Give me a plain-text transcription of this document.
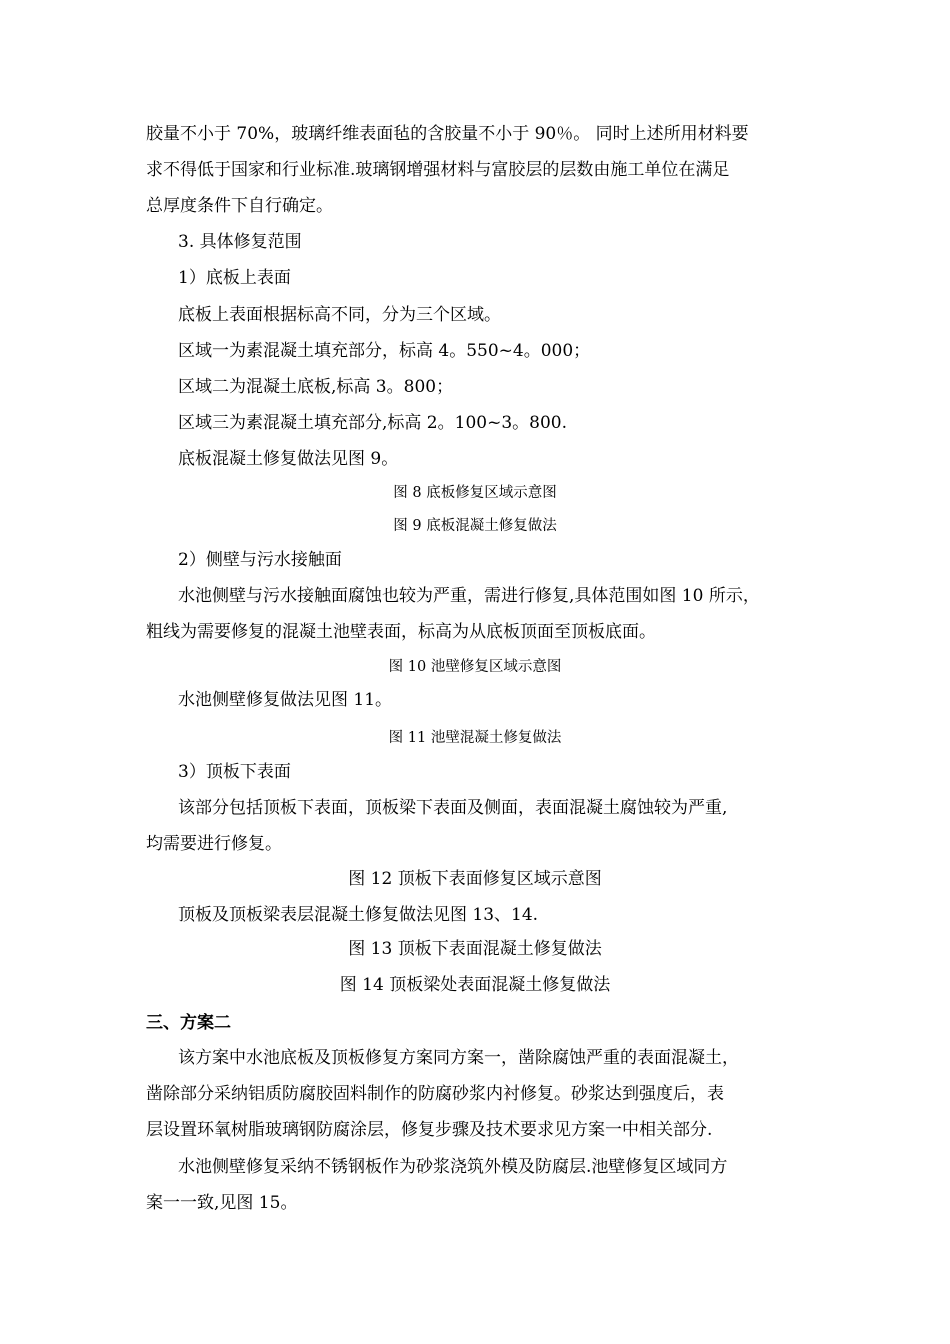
胶量不小于 70%，玻璃纤维表面毡的含胶量不小于 90％。 同时上述所用材料要
求不得低于国家和行业标准.玻璃钢增强材料与富胶层的层数由施工单位在满足
总厚度条件下自行确定。
3. 具体修复范围
1）底板上表面
底板上表面根据标高不同，分为三个区域。
区域一为素混凝土填充部分，标高 4。550~4。000；
区域二为混凝土底板,标高 3。800；
区域三为素混凝土填充部分,标高 2。100~3。800.
底板混凝土修复做法见图 9。
图 8 底板修复区域示意图
图 9 底板混凝土修复做法
2）侧壁与污水接触面
水池侧壁与污水接触面腐蚀也较为严重，需进行修复,具体范围如图 10 所示，
粗线为需要修复的混凝土池壁表面，标高为从底板顶面至顶板底面。
图 10 池壁修复区域示意图
水池侧壁修复做法见图 11。
图 11 池壁混凝土修复做法
3）顶板下表面
该部分包括顶板下表面，顶板梁下表面及侧面，表面混凝土腐蚀较为严重,
均需要进行修复。
图 12 顶板下表面修复区域示意图
顶板及顶板梁表层混凝土修复做法见图 13、14.
图 13 顶板下表面混凝土修复做法
图 14 顶板梁处表面混凝土修复做法
三、方案二
该方案中水池底板及顶板修复方案同方案一，凿除腐蚀严重的表面混凝土，
凿除部分采纳铝质防腐胶固料制作的防腐砂浆内衬修复。砂浆达到强度后，表
层设置环氧树脂玻璃钢防腐涂层，修复步骤及技术要求见方案一中相关部分.
水池侧壁修复采纳不锈钢板作为砂浆浇筑外模及防腐层.池壁修复区域同方
案一一致,见图 15。
